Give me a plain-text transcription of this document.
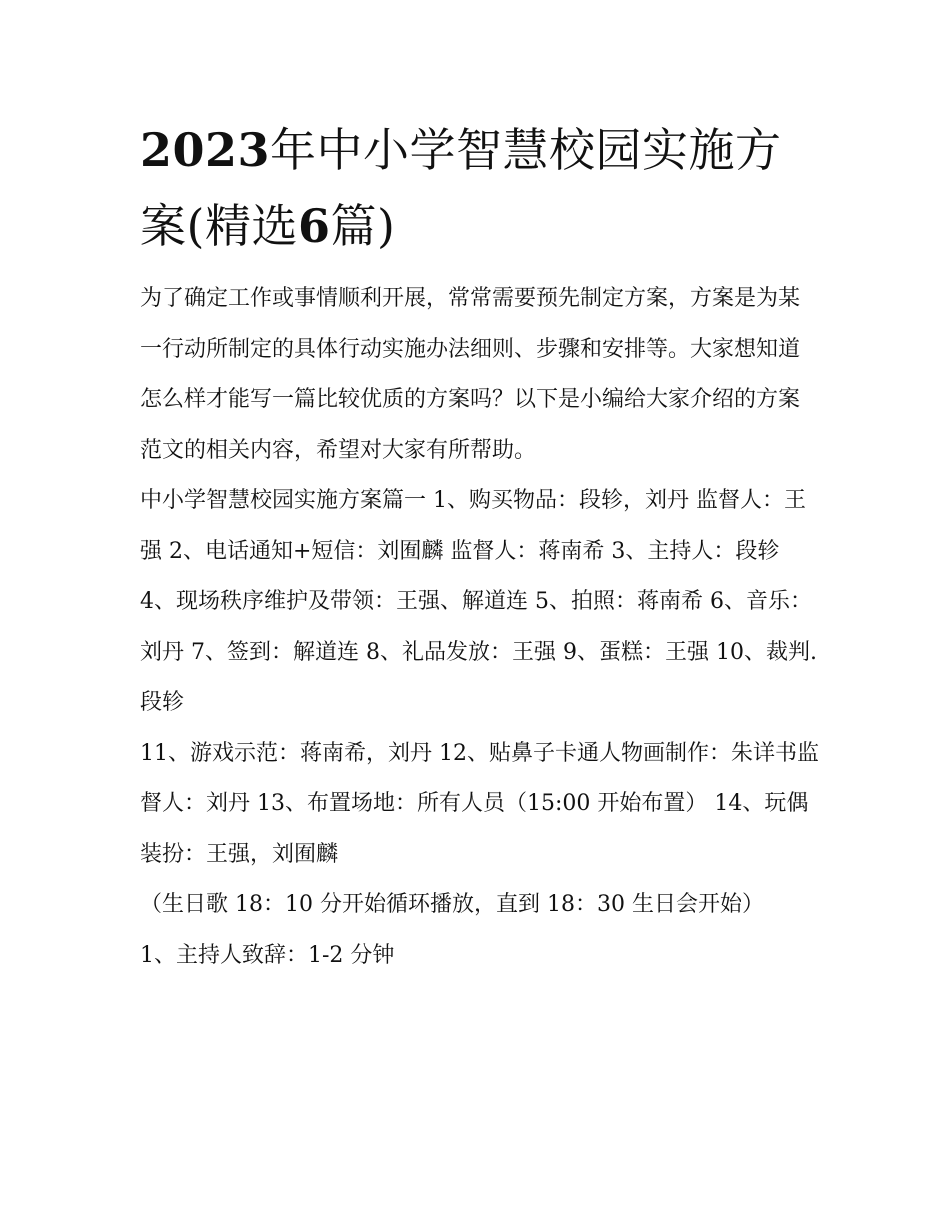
2023年中小学智慧校园实施方案(精选6篇)

为了确定工作或事情顺利开展，常常需要预先制定方案，方案是为某一行动所制定的具体行动实施办法细则、步骤和安排等。大家想知道怎么样才能写一篇比较优质的方案吗？以下是小编给大家介绍的方案范文的相关内容，希望对大家有所帮助。

中小学智慧校园实施方案篇一 1、购买物品：段轸，刘丹 监督人：王强 2、电话通知+短信：刘囿麟 监督人：蒋南希 3、主持人：段轸

4、现场秩序维护及带领：王强、解道连 5、拍照：蒋南希 6、音乐：刘丹 7、签到：解道连 8、礼品发放：王强 9、蛋糕：王强 10、裁判.段轸

11、游戏示范：蒋南希，刘丹 12、贴鼻子卡通人物画制作：朱详书监督人：刘丹 13、布置场地：所有人员（15:00 开始布置） 14、玩偶装扮：王强，刘囿麟

（生日歌 18：10 分开始循环播放，直到 18：30 生日会开始）

1、主持人致辞：1-2 分钟
